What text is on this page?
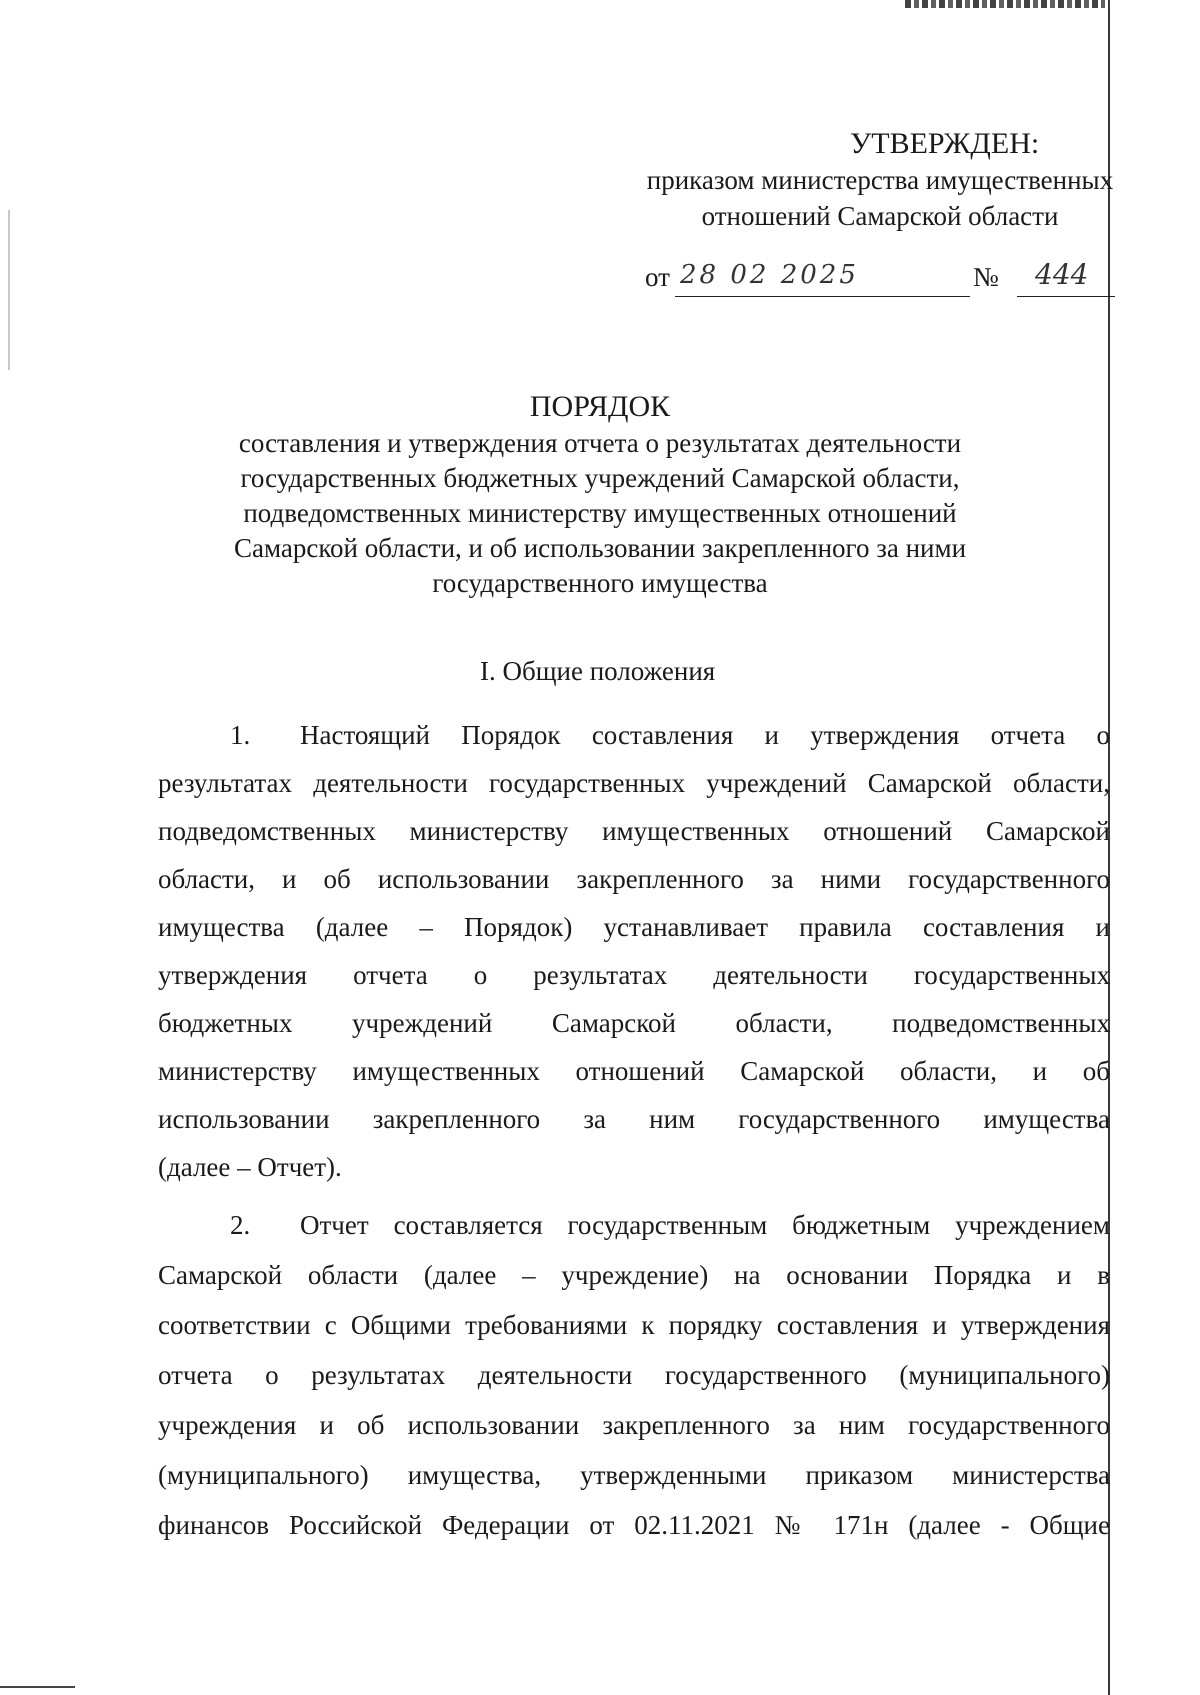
УТВЕРЖДЕН:
приказом министерства имущественных
отношений Самарской области
от 28 02 2025	№ 444
ПОРЯДОК
составления и утверждения отчета о результатах деятельности
государственных бюджетных учреждений Самарской области,
подведомственных министерству имущественных отношений
Самарской области, и об использовании закрепленного за ними
государственного имущества
I. Общие положения
1. Настоящий Порядок составления и утверждения отчета о
результатах деятельности государственных учреждений Самарской области,
подведомственных министерству имущественных отношений Самарской
области, и об использовании закрепленного за ними государственного
имущества (далее – Порядок) устанавливает правила составления и
утверждения отчета о результатах деятельности государственных
бюджетных учреждений Самарской области, подведомственных
министерству имущественных отношений Самарской области, и об
использовании закрепленного за ним государственного имущества
(далее – Отчет).
2. Отчет составляется государственным бюджетным учреждением
Самарской области (далее – учреждение) на основании Порядка и в
соответствии с Общими требованиями к порядку составления и утверждения
отчета о результатах деятельности государственного (муниципального)
учреждения и об использовании закрепленного за ним государственного
(муниципального) имущества, утвержденными приказом министерства
финансов Российской Федерации от 02.11.2021 № 171н (далее - Общие
